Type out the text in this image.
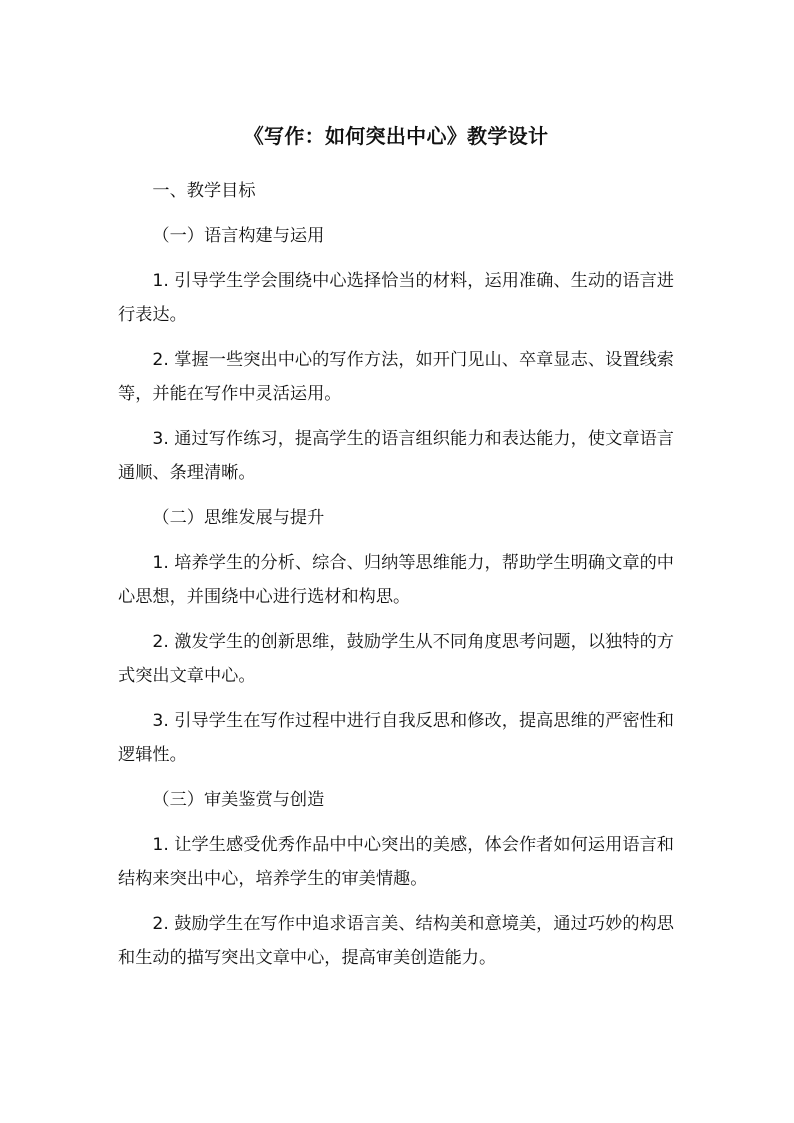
《写作：如何突出中心》教学设计

一、教学目标

（一）语言构建与运用

1. 引导学生学会围绕中心选择恰当的材料，运用准确、生动的语言进行表达。

2. 掌握一些突出中心的写作方法，如开门见山、卒章显志、设置线索等，并能在写作中灵活运用。

3. 通过写作练习，提高学生的语言组织能力和表达能力，使文章语言通顺、条理清晰。

（二）思维发展与提升

1. 培养学生的分析、综合、归纳等思维能力，帮助学生明确文章的中心思想，并围绕中心进行选材和构思。

2. 激发学生的创新思维，鼓励学生从不同角度思考问题，以独特的方式突出文章中心。

3. 引导学生在写作过程中进行自我反思和修改，提高思维的严密性和逻辑性。

（三）审美鉴赏与创造

1. 让学生感受优秀作品中中心突出的美感，体会作者如何运用语言和结构来突出中心，培养学生的审美情趣。

2. 鼓励学生在写作中追求语言美、结构美和意境美，通过巧妙的构思和生动的描写突出文章中心，提高审美创造能力。
